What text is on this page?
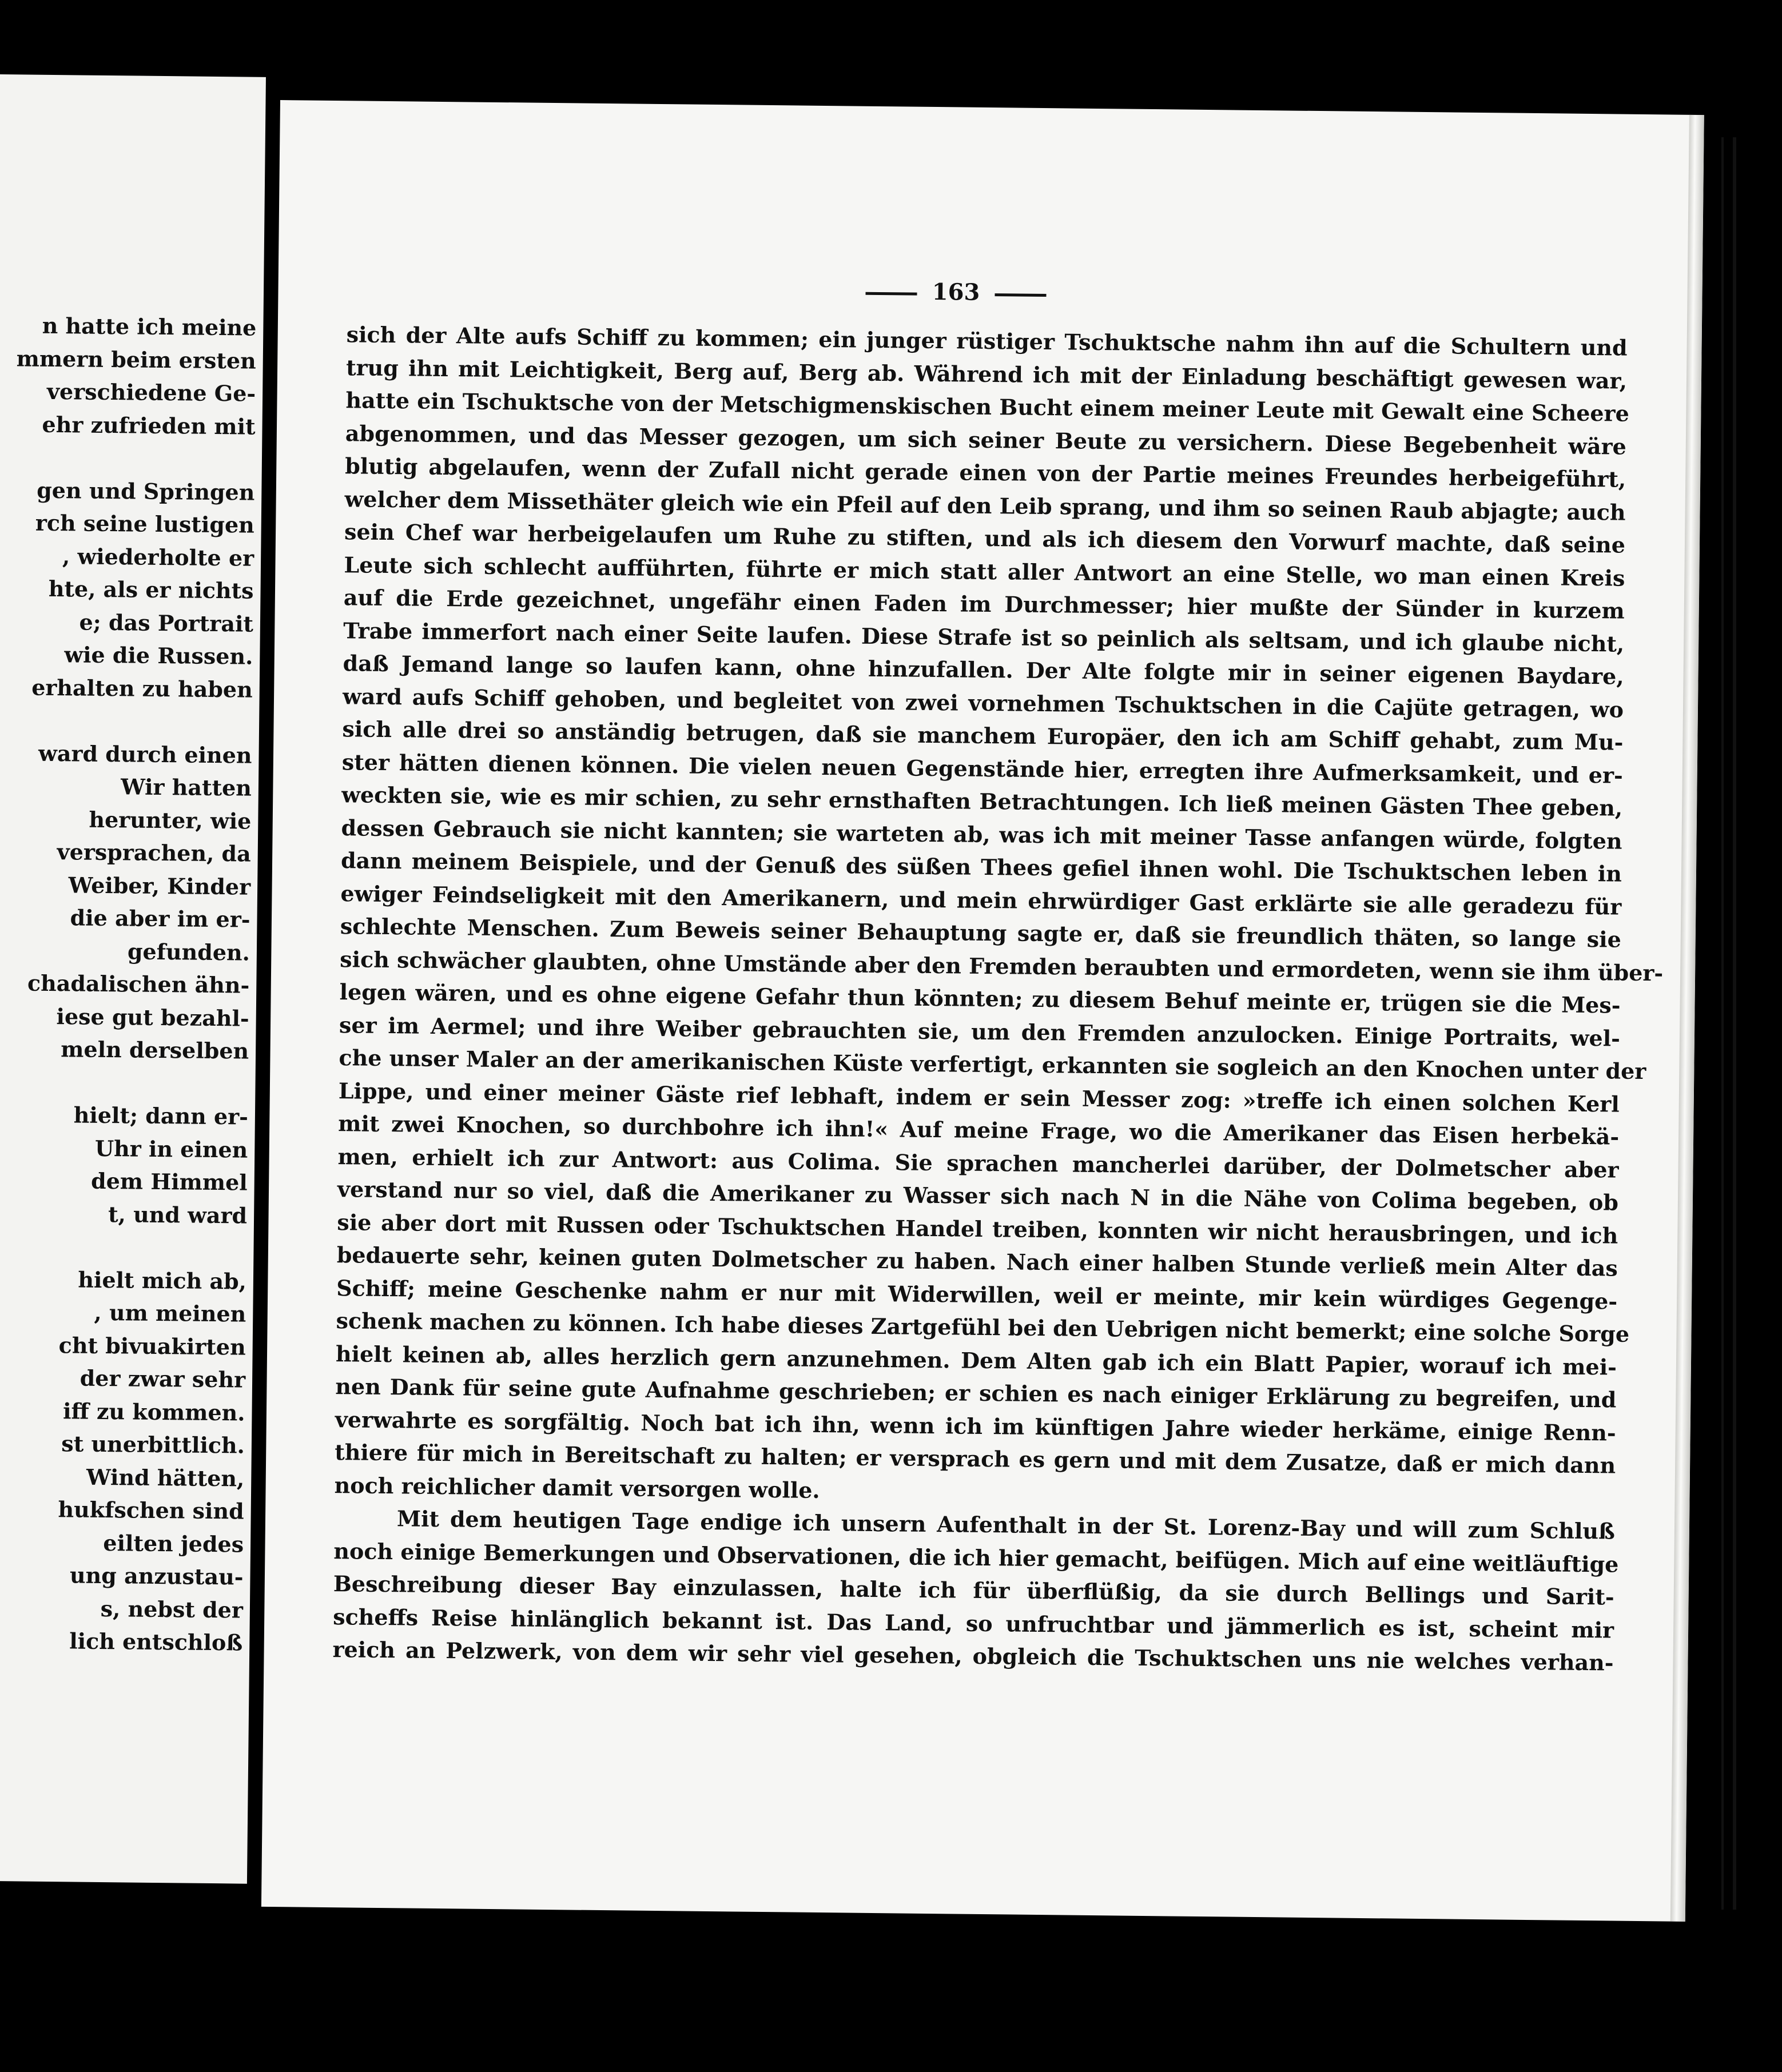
n hatte ich meine
mmern beim ersten
verschiedene Ge-
ehr zufrieden mit

gen und Springen
rch seine lustigen
, wiederholte er
hte, als er nichts
e; das Portrait
wie die Russen.
erhalten zu haben

ward durch einen
Wir hatten
herunter, wie
versprachen, da
Weiber, Kinder
die aber im er-
gefunden.
chadalischen ähn-
iese gut bezahl-
meln derselben

hielt; dann er-
Uhr in einen
dem Himmel
t, und ward

hielt mich ab,
, um meinen
cht bivuakirten
der zwar sehr
iff zu kommen.
st unerbittlich.
Wind hätten,
hukfschen sind
eilten jedes
ung anzustau-
s, nebst der
lich entschloß
163
sich der Alte aufs Schiff zu kommen; ein junger rüstiger Tschuktsche nahm ihn auf die Schultern und
trug ihn mit Leichtigkeit, Berg auf, Berg ab. Während ich mit der Einladung beschäftigt gewesen war,
hatte ein Tschuktsche von der Metschigmenskischen Bucht einem meiner Leute mit Gewalt eine Scheere
abgenommen, und das Messer gezogen, um sich seiner Beute zu versichern. Diese Begebenheit wäre
blutig abgelaufen, wenn der Zufall nicht gerade einen von der Partie meines Freundes herbeigeführt,
welcher dem Missethäter gleich wie ein Pfeil auf den Leib sprang, und ihm so seinen Raub abjagte; auch
sein Chef war herbeigelaufen um Ruhe zu stiften, und als ich diesem den Vorwurf machte, daß seine
Leute sich schlecht aufführten, führte er mich statt aller Antwort an eine Stelle, wo man einen Kreis
auf die Erde gezeichnet, ungefähr einen Faden im Durchmesser; hier mußte der Sünder in kurzem
Trabe immerfort nach einer Seite laufen. Diese Strafe ist so peinlich als seltsam, und ich glaube nicht,
daß Jemand lange so laufen kann, ohne hinzufallen. Der Alte folgte mir in seiner eigenen Baydare,
ward aufs Schiff gehoben, und begleitet von zwei vornehmen Tschuktschen in die Cajüte getragen, wo
sich alle drei so anständig betrugen, daß sie manchem Europäer, den ich am Schiff gehabt, zum Mu-
ster hätten dienen können. Die vielen neuen Gegenstände hier, erregten ihre Aufmerksamkeit, und er-
weckten sie, wie es mir schien, zu sehr ernsthaften Betrachtungen. Ich ließ meinen Gästen Thee geben,
dessen Gebrauch sie nicht kannten; sie warteten ab, was ich mit meiner Tasse anfangen würde, folgten
dann meinem Beispiele, und der Genuß des süßen Thees gefiel ihnen wohl. Die Tschuktschen leben in
ewiger Feindseligkeit mit den Amerikanern, und mein ehrwürdiger Gast erklärte sie alle geradezu für
schlechte Menschen. Zum Beweis seiner Behauptung sagte er, daß sie freundlich thäten, so lange sie
sich schwächer glaubten, ohne Umstände aber den Fremden beraubten und ermordeten, wenn sie ihm über-
legen wären, und es ohne eigene Gefahr thun könnten; zu diesem Behuf meinte er, trügen sie die Mes-
ser im Aermel; und ihre Weiber gebrauchten sie, um den Fremden anzulocken. Einige Portraits, wel-
che unser Maler an der amerikanischen Küste verfertigt, erkannten sie sogleich an den Knochen unter der
Lippe, und einer meiner Gäste rief lebhaft, indem er sein Messer zog: »treffe ich einen solchen Kerl
mit zwei Knochen, so durchbohre ich ihn!« Auf meine Frage, wo die Amerikaner das Eisen herbekä-
men, erhielt ich zur Antwort: aus Colima. Sie sprachen mancherlei darüber, der Dolmetscher aber
verstand nur so viel, daß die Amerikaner zu Wasser sich nach N in die Nähe von Colima begeben, ob
sie aber dort mit Russen oder Tschuktschen Handel treiben, konnten wir nicht herausbringen, und ich
bedauerte sehr, keinen guten Dolmetscher zu haben. Nach einer halben Stunde verließ mein Alter das
Schiff; meine Geschenke nahm er nur mit Widerwillen, weil er meinte, mir kein würdiges Gegenge-
schenk machen zu können. Ich habe dieses Zartgefühl bei den Uebrigen nicht bemerkt; eine solche Sorge
hielt keinen ab, alles herzlich gern anzunehmen. Dem Alten gab ich ein Blatt Papier, worauf ich mei-
nen Dank für seine gute Aufnahme geschrieben; er schien es nach einiger Erklärung zu begreifen, und
verwahrte es sorgfältig. Noch bat ich ihn, wenn ich im künftigen Jahre wieder herkäme, einige Renn-
thiere für mich in Bereitschaft zu halten; er versprach es gern und mit dem Zusatze, daß er mich dann
noch reichlicher damit versorgen wolle.
Mit dem heutigen Tage endige ich unsern Aufenthalt in der St. Lorenz-Bay und will zum Schluß
noch einige Bemerkungen und Observationen, die ich hier gemacht, beifügen. Mich auf eine weitläuftige
Beschreibung dieser Bay einzulassen, halte ich für überflüßig, da sie durch Bellings und Sarit-
scheffs Reise hinlänglich bekannt ist. Das Land, so unfruchtbar und jämmerlich es ist, scheint mir
reich an Pelzwerk, von dem wir sehr viel gesehen, obgleich die Tschuktschen uns nie welches verhan-
